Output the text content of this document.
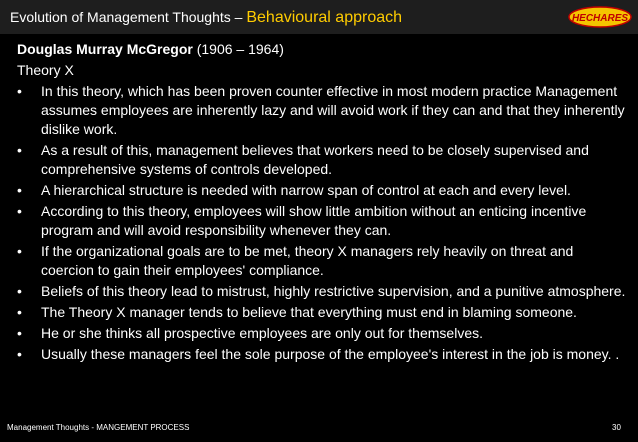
Evolution of Management Thoughts – Behavioural approach	HECHARES

Douglas Murray McGregor (1906 – 1964)

Theory X

• In this theory, which has been proven counter effective in most modern practice Management assumes employees are inherently lazy and will avoid work if they can and that they inherently dislike work.
• As a result of this, management believes that workers need to be closely supervised and comprehensive systems of controls developed.
• A hierarchical structure is needed with narrow span of control at each and every level.
• According to this theory, employees will show little ambition without an enticing incentive program and will avoid responsibility whenever they can.
• If the organizational goals are to be met, theory X managers rely heavily on threat and coercion to gain their employees' compliance.
• Beliefs of this theory lead to mistrust, highly restrictive supervision, and a punitive atmosphere.
• The Theory X manager tends to believe that everything must end in blaming someone.
• He or she thinks all prospective employees are only out for themselves.
• Usually these managers feel the sole purpose of the employee's interest in the job is money. .
Management Thoughts - MANGEMENT PROCESS	30
